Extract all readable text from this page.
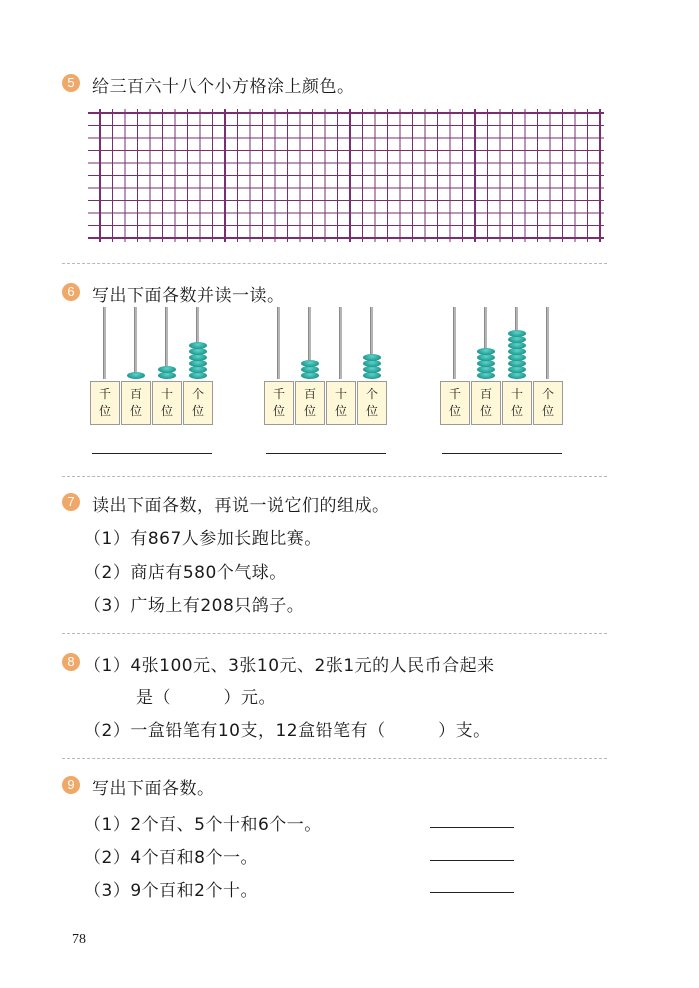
5	给三百六十八个小方格涂上颜色。
6	写出下面各数并读一读。
千
位
百
位
十
位
个
位
千
位
百
位
十
位
个
位
千
位
百
位
十
位
个
位
7	读出下面各数，再说一说它们的组成。
（1）有867人参加长跑比赛。
（2）商店有580个气球。
（3）广场上有208只鸽子。
8 （1）4张100元、3张10元、2张1元的人民币合起来
是（　　　）元。
（2）一盒铅笔有10支，12盒铅笔有（　　　）支。
9	写出下面各数。
（1）2个百、5个十和6个一。
（2）4个百和8个一。
（3）9个百和2个十。
78
